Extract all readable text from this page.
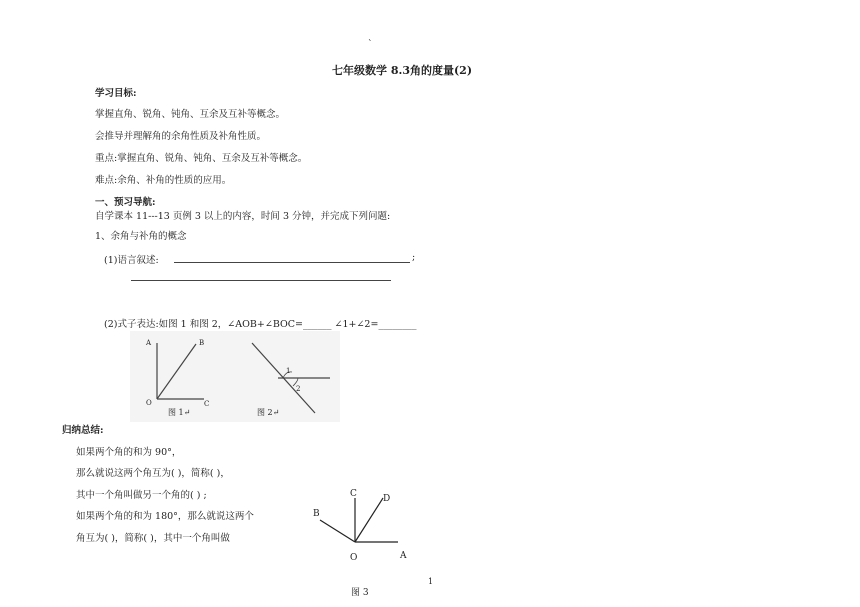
`
七年级数学 8.3角的度量(2)
学习目标:
掌握直角、锐角、钝角、互余及互补等概念。
会推导并理解角的余角性质及补角性质。
重点:掌握直角、锐角、钝角、互余及互补等概念。
难点:余角、补角的性质的应用。
一、预习导航:
自学课本 11---13 页例 3 以上的内容，时间 3 分钟，并完成下列问题:
1、余角与补角的概念
(1)语言叙述:	;
(2)式子表达:如图 1 和图 2，∠AOB+∠BOC=______ ∠1+∠2=________
A	B
O	C
图 1↵
1
2
图 2↵
归纳总结:
如果两个角的和为 90°，
那么就说这两个角互为( )，简称( )，
其中一个角叫做另一个角的( ) ;
如果两个角的和为 180°，那么就说这两个
角互为( )，简称( )，其中一个角叫做
C	D
B
O	A
图 3
1
